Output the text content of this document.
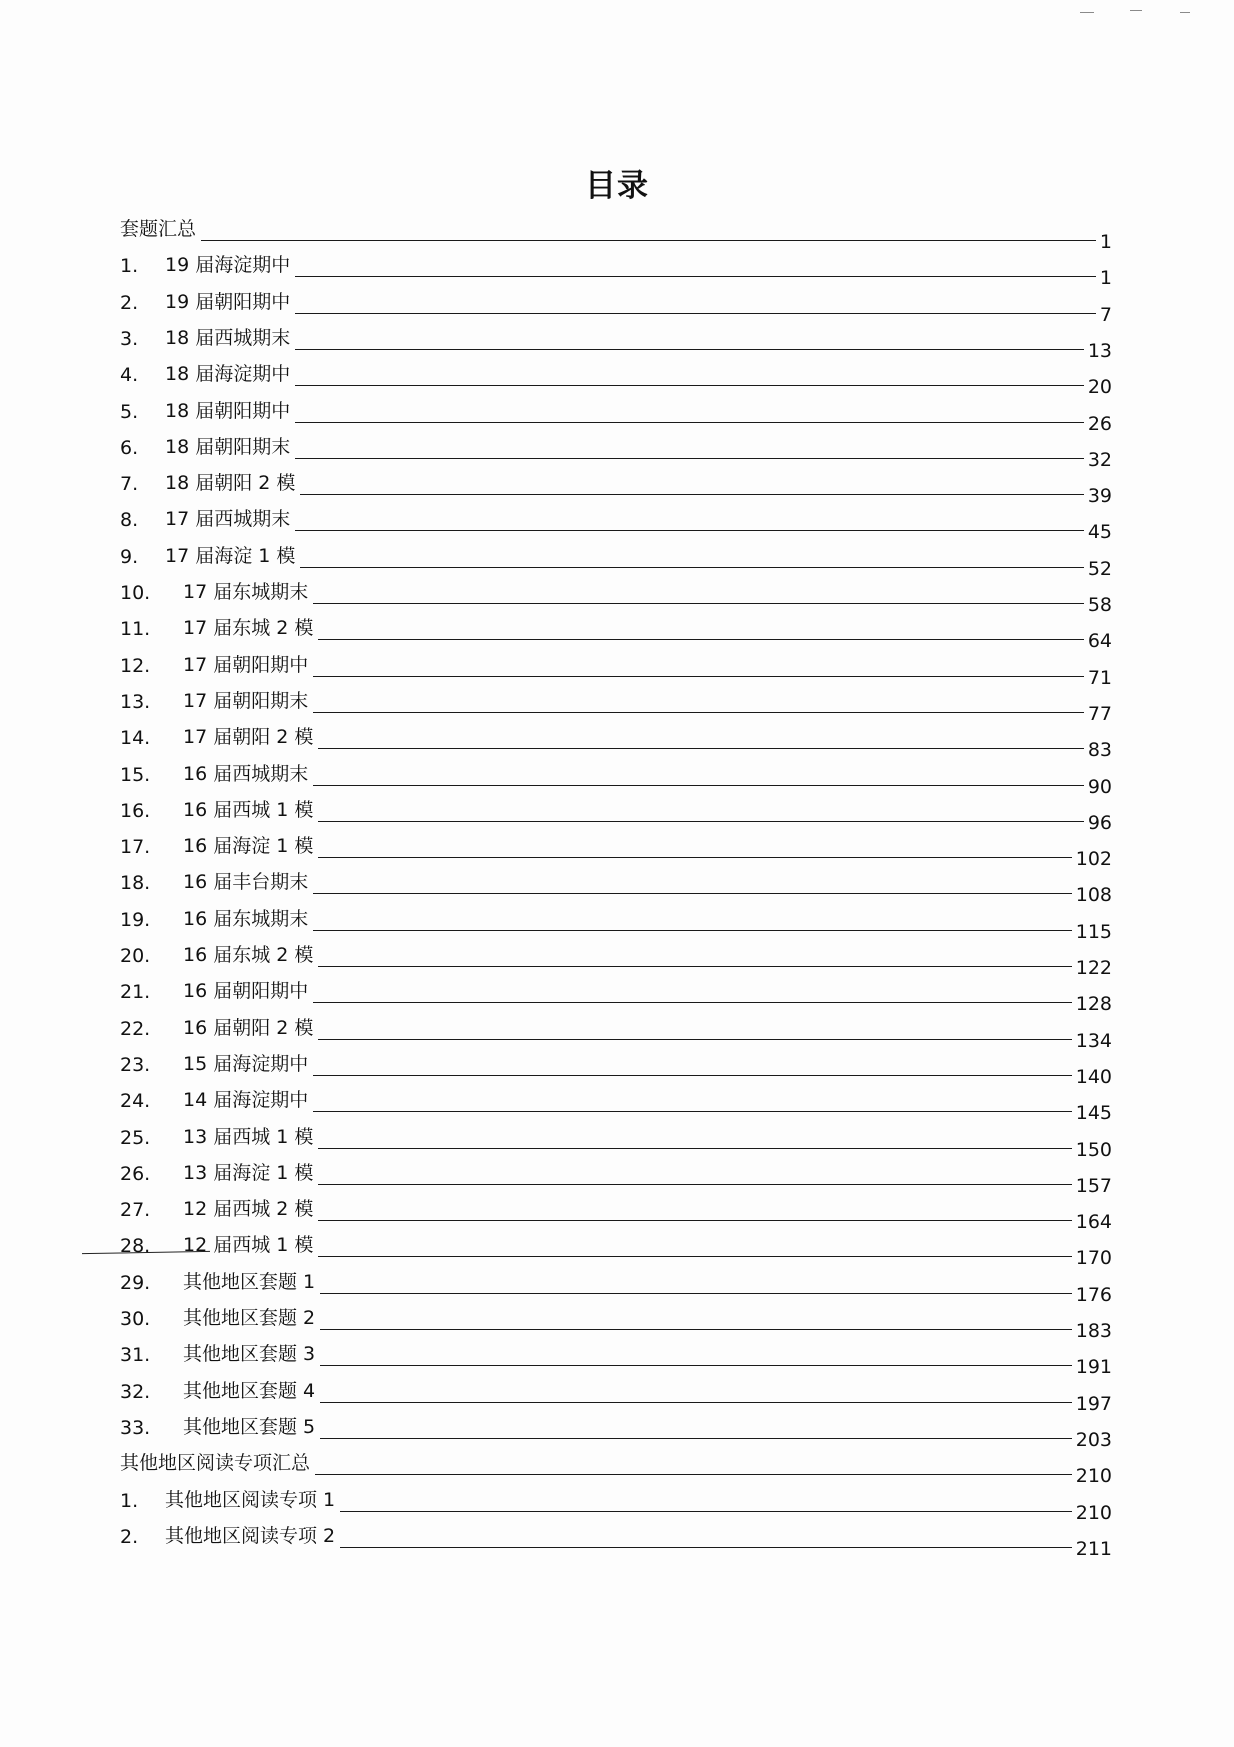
目录
套题汇总
1
1. 19 届海淀期中
1
2. 19 届朝阳期中
7
3. 18 届西城期末
13
4. 18 届海淀期中
20
5. 18 届朝阳期中
26
6. 18 届朝阳期末
32
7. 18 届朝阳 2 模
39
8. 17 届西城期末
45
9. 17 届海淀 1 模
52
10. 17 届东城期末
58
11. 17 届东城 2 模
64
12. 17 届朝阳期中
71
13. 17 届朝阳期末
77
14. 17 届朝阳 2 模
83
15. 16 届西城期末
90
16. 16 届西城 1 模
96
17. 16 届海淀 1 模
102
18. 16 届丰台期末
108
19. 16 届东城期末
115
20. 16 届东城 2 模
122
21. 16 届朝阳期中
128
22. 16 届朝阳 2 模
134
23. 15 届海淀期中
140
24. 14 届海淀期中
145
25. 13 届西城 1 模
150
26. 13 届海淀 1 模
157
27. 12 届西城 2 模
164
28. 12 届西城 1 模
170
29. 其他地区套题 1
176
30. 其他地区套题 2
183
31. 其他地区套题 3
191
32. 其他地区套题 4
197
33. 其他地区套题 5
203
其他地区阅读专项汇总
210
1. 其他地区阅读专项 1
210
2. 其他地区阅读专项 2
211
